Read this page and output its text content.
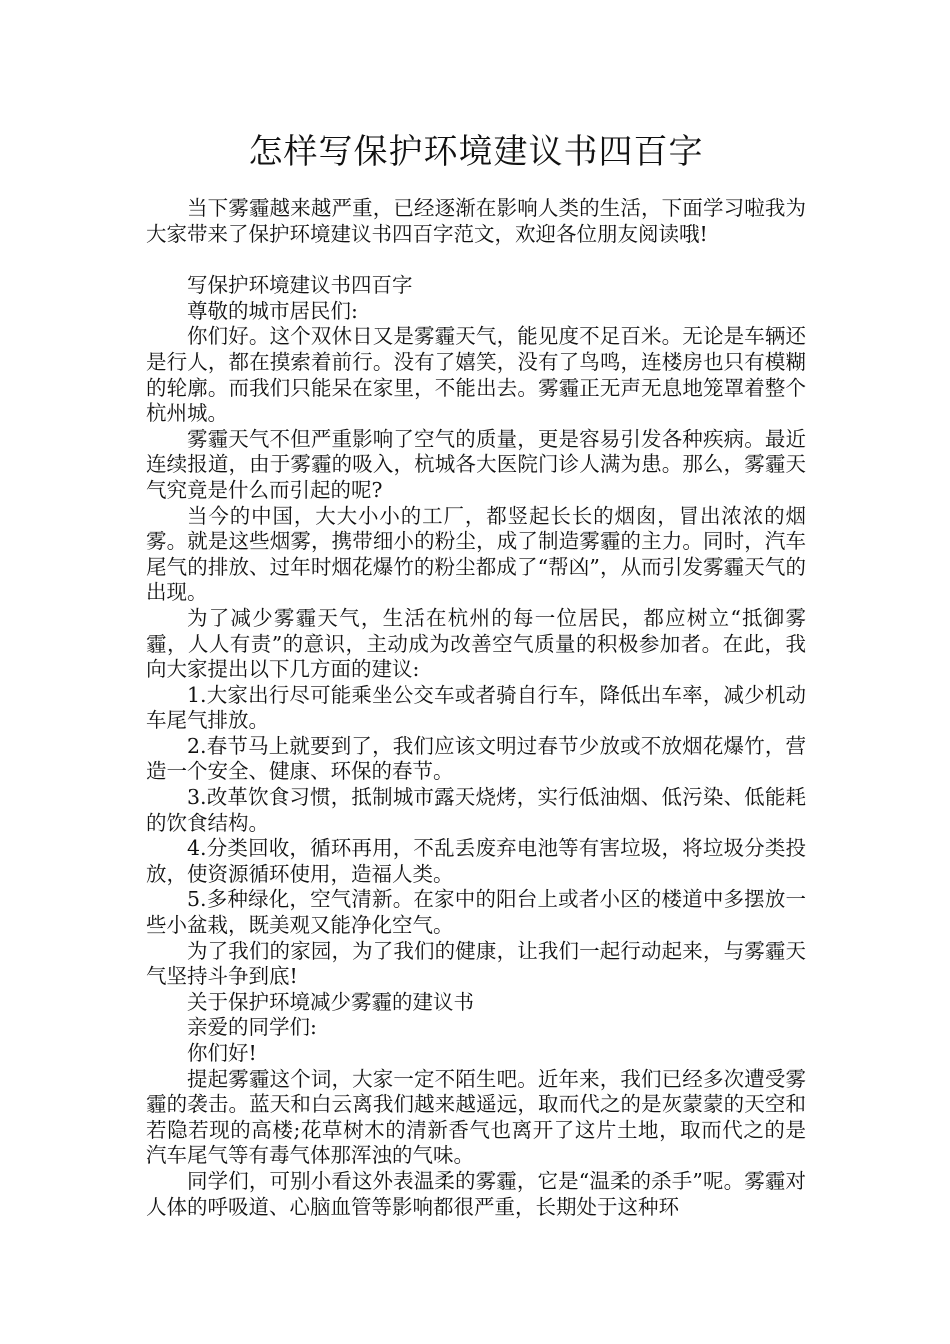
怎样写保护环境建议书四百字

当下雾霾越来越严重，已经逐渐在影响人类的生活，下面学习啦我为大家带来了保护环境建议书四百字范文，欢迎各位朋友阅读哦!

写保护环境建议书四百字

尊敬的城市居民们:

你们好。这个双休日又是雾霾天气，能见度不足百米。无论是车辆还是行人，都在摸索着前行。没有了嬉笑，没有了鸟鸣，连楼房也只有模糊的轮廓。而我们只能呆在家里，不能出去。雾霾正无声无息地笼罩着整个杭州城。

雾霾天气不但严重影响了空气的质量，更是容易引发各种疾病。最近连续报道，由于雾霾的吸入，杭城各大医院门诊人满为患。那么，雾霾天气究竟是什么而引起的呢?

当今的中国，大大小小的工厂，都竖起长长的烟囱，冒出浓浓的烟雾。就是这些烟雾，携带细小的粉尘，成了制造雾霾的主力。同时，汽车尾气的排放、过年时烟花爆竹的粉尘都成了“帮凶”，从而引发雾霾天气的出现。

为了减少雾霾天气，生活在杭州的每一位居民，都应树立“抵御雾霾，人人有责”的意识，主动成为改善空气质量的积极参加者。在此，我向大家提出以下几方面的建议:

1.大家出行尽可能乘坐公交车或者骑自行车，降低出车率，减少机动车尾气排放。

2.春节马上就要到了，我们应该文明过春节少放或不放烟花爆竹，营造一个安全、健康、环保的春节。

3.改革饮食习惯，抵制城市露天烧烤，实行低油烟、低污染、低能耗的饮食结构。

4.分类回收，循环再用，不乱丢废弃电池等有害垃圾，将垃圾分类投放，使资源循环使用，造福人类。

5.多种绿化，空气清新。在家中的阳台上或者小区的楼道中多摆放一些小盆栽，既美观又能净化空气。

为了我们的家园，为了我们的健康，让我们一起行动起来，与雾霾天气坚持斗争到底!

关于保护环境减少雾霾的建议书

亲爱的同学们:

你们好!

提起雾霾这个词，大家一定不陌生吧。近年来，我们已经多次遭受雾霾的袭击。蓝天和白云离我们越来越遥远，取而代之的是灰蒙蒙的天空和若隐若现的高楼;花草树木的清新香气也离开了这片土地，取而代之的是汽车尾气等有毒气体那浑浊的气味。

同学们，可别小看这外表温柔的雾霾，它是“温柔的杀手”呢。雾霾对人体的呼吸道、心脑血管等影响都很严重，长期处于这种环
